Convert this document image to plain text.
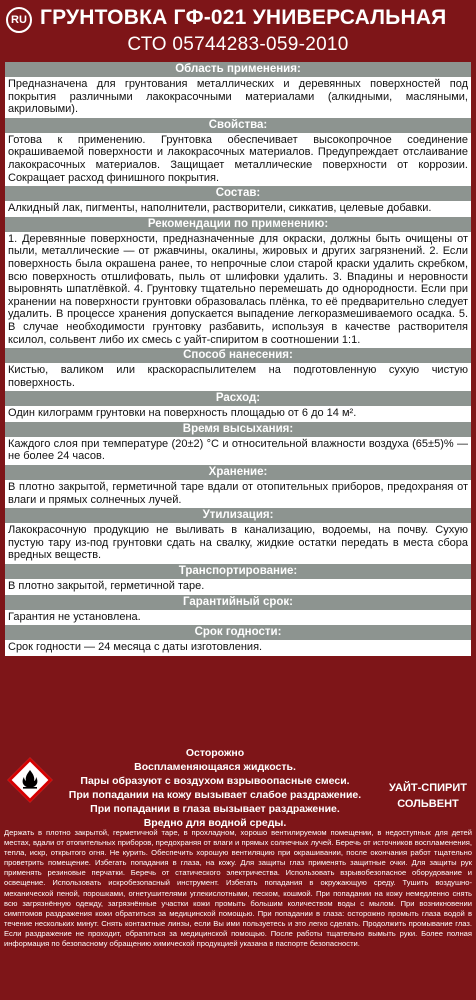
RU ГРУНТОВКА ГФ-021 УНИВЕРСАЛЬНАЯ
СТО 05744283-059-2010
Область применения:
Предназначена для грунтования металлических и деревянных поверхностей под покрытия различными лакокрасочными материалами (алкидными, масляными, акриловыми).
Свойства:
Готова к применению. Грунтовка обеспечивает высокопрочное соединение окрашиваемой поверхности и лакокрасочных материалов. Предупреждает отслаивание лакокрасочных материалов. Защищает металлические поверхности от коррозии. Сокращает расход финишного покрытия.
Состав:
Алкидный лак, пигменты, наполнители, растворители, сиккатив, целевые добавки.
Рекомендации по применению:
1. Деревянные поверхности, предназначенные для окраски, должны быть очищены от пыли, металлические — от ржавчины, окалины, жировых и других загрязнений. 2. Если поверхность была окрашена ранее, то непрочные слои старой краски удалить скребком, всю поверхность отшлифовать, пыль от шлифовки удалить. 3. Впадины и неровности выровнять шпатлёвкой. 4. Грунтовку тщательно перемешать до однородности. Если при хранении на поверхности грунтовки образовалась плёнка, то её предварительно следует удалить. В процессе хранения допускается выпадение легкоразмешиваемого осадка. 5. В случае необходимости грунтовку разбавить, используя в качестве растворителя ксилол, сольвент либо их смесь с уайт-спиритом в соотношении 1:1.
Способ нанесения:
Кистью, валиком или краскораспылителем на подготовленную сухую чистую поверхность.
Расход:
Один килограмм грунтовки на поверхность площадью от 6 до 14 м².
Время высыхания:
Каждого слоя при температуре (20±2) °С и относительной влажности воздуха (65±5)% — не более 24 часов.
Хранение:
В плотно закрытой, герметичной таре вдали от отопительных приборов, предохраняя от влаги и прямых солнечных лучей.
Утилизация:
Лакокрасочную продукцию не выливать в канализацию, водоемы, на почву. Сухую пустую тару из-под грунтовки сдать на свалку, жидкие остатки передать в места сбора вредных веществ.
Транспортирование:
В плотно закрытой, герметичной таре.
Гарантийный срок:
Гарантия не установлена.
Срок годности:
Срок годности — 24 месяца с даты изготовления.
Осторожно
Воспламеняющаяся жидкость.
Пары образуют с воздухом взрывоопасные смеси.
При попадании на кожу вызывает слабое раздражение.
При попадании в глаза вызывает раздражение.
Вредно для водной среды.
УАЙТ-СПИРИТ
СОЛЬВЕНТ
Держать в плотно закрытой, герметичной таре, в прохладном, хорошо вентилируемом помещении, в недоступных для детей местах, вдали от отопительных приборов, предохраняя от влаги и прямых солнечных лучей. Беречь от источников воспламенения, тепла, искр, открытого огня. Не курить. Обеспечить хорошую вентиляцию при окрашивании, после окончания работ тщательно проветрить помещение. Избегать попадания в глаза, на кожу. Для защиты глаз применять защитные очки. Для защиты рук применять резиновые перчатки. Беречь от статического электричества. Использовать взрывобезопасное оборудование и освещение. Использовать искробезопасный инструмент. Избегать попадания в окружающую среду. Тушить воздушно-механической пеной, порошками, огнетушителями углекислотными, песком, кошмой. При попадании на кожу немедленно снять всю загрязнённую одежду, загрязнённые участки кожи промыть большим количеством воды с мылом. При возникновении симптомов раздражения кожи обратиться за медицинской помощью. При попадании в глаза: осторожно промыть глаза водой в течение нескольких минут. Снять контактные линзы, если Вы ими пользуетесь и это легко сделать. Продолжить промывание глаз. Если раздражение не проходит, обратиться за медицинской помощью. После работы тщательно вымыть руки. Более полная информация по безопасному обращению химической продукцией указана в паспорте безопасности.
